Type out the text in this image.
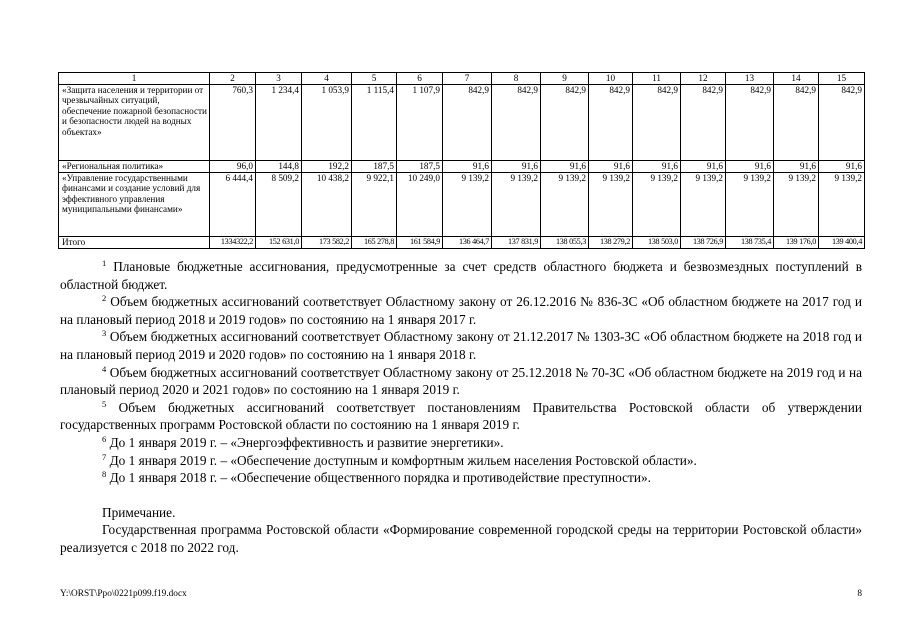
1	2	3	4	5	6	7	8	9	10	11	12	13	14	15
«Защита населения и территории от чрезвычайных ситуаций, обеспечение пожарной безопасности и безопасности людей на водных объектах»	760,3	1 234,4	1 053,9	1 115,4	1 107,9	842,9	842,9	842,9	842,9	842,9	842,9	842,9	842,9	842,9
«Региональная политика»	96,0	144,8	192,2	187,5	187,5	91,6	91,6	91,6	91,6	91,6	91,6	91,6	91,6	91,6
«Управление государственными финансами и создание условий для эффективного управления муниципальными финансами»	6 444,4	8 509,2	10 438,2	9 922,1	10 249,0	9 139,2	9 139,2	9 139,2	9 139,2	9 139,2	9 139,2	9 139,2	9 139,2	9 139,2
Итого	1334322,2	152 631,0	173 582,2	165 278,8	161 584,9	136 464,7	137 831,9	138 055,3	138 279,2	138 503,0	138 726,9	138 735,4	139 176,0	139 400,4

$^1$ Плановые бюджетные ассигнования, предусмотренные за счет средств областного бюджета и безвозмездных поступлений в областной бюджет.

$^2$ Объем бюджетных ассигнований соответствует Областному закону от 26.12.2016 № 836-ЗС «Об областном бюджете на 2017 год и на плановый период 2018 и 2019 годов» по состоянию на 1 января 2017 г.

$^3$ Объем бюджетных ассигнований соответствует Областному закону от 21.12.2017 № 1303-ЗС «Об областном бюджете на 2018 год и на плановый период 2019 и 2020 годов» по состоянию на 1 января 2018 г.

$^4$ Объем бюджетных ассигнований соответствует Областному закону от 25.12.2018 № 70-ЗС «Об областном бюджете на 2019 год и на плановый период 2020 и 2021 годов» по состоянию на 1 января 2019 г.

$^5$ Объем бюджетных ассигнований соответствует постановлениям Правительства Ростовской области об утверждении государственных программ Ростовской области по состоянию на 1 января 2019 г.

$^6$ До 1 января 2019 г. – «Энергоэффективность и развитие энергетики».

$^7$ До 1 января 2019 г. – «Обеспечение доступным и комфортным жильем населения Ростовской области».

$^8$ До 1 января 2018 г. – «Обеспечение общественного порядка и противодействие преступности».

Примечание.

Государственная программа Ростовской области «Формирование современной городской среды на территории Ростовской области» реализуется с 2018 по 2022 год.

Y:\ORST\Ppo\0221p099.f19.docx	8
